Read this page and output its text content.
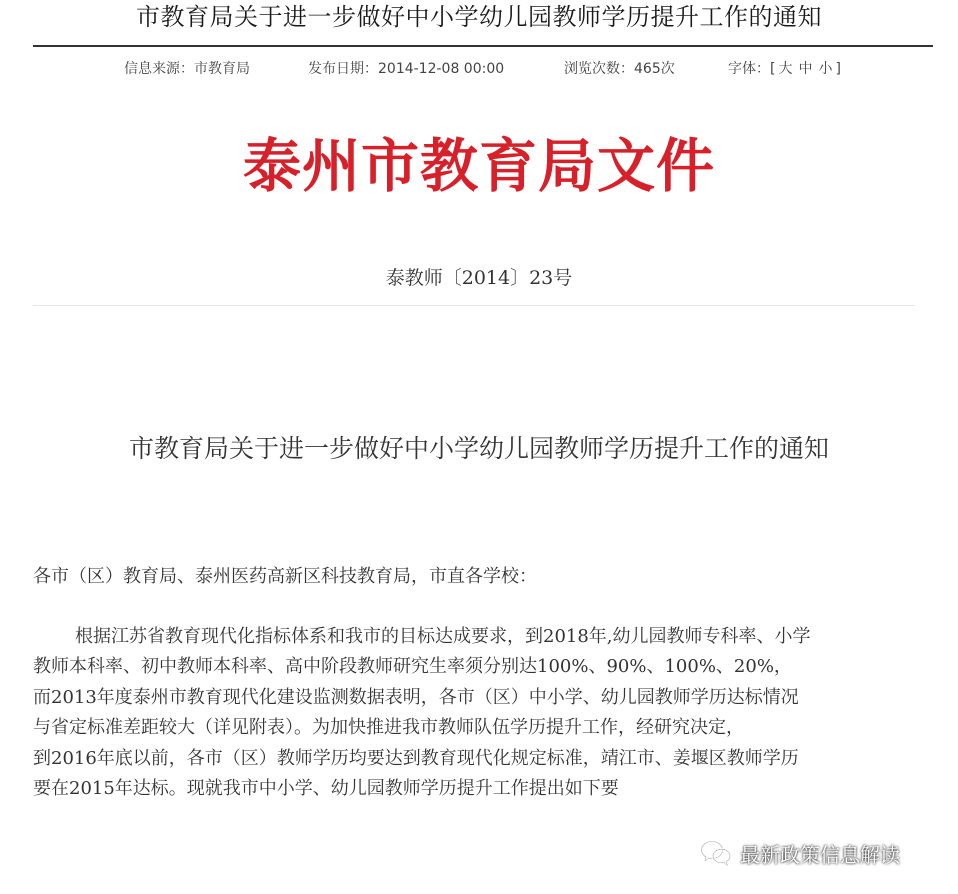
市教育局关于进一步做好中小学幼儿园教师学历提升工作的通知
信息来源：市教育局	发布日期：2014-12-08 00:00	浏览次数：465次	字体：[ 大 中 小 ]
泰州市教育局文件
泰教师〔2014〕23号
市教育局关于进一步做好中小学幼儿园教师学历提升工作的通知
各市（区）教育局、泰州医药高新区科技教育局，市直各学校：
根据江苏省教育现代化指标体系和我市的目标达成要求，到2018年,幼儿园教师专科率、小学
教师本科率、初中教师本科率、高中阶段教师研究生率须分别达100%、90%、100%、20%，
而2013年度泰州市教育现代化建设监测数据表明，各市（区）中小学、幼儿园教师学历达标情况
与省定标准差距较大（详见附表）。为加快推进我市教师队伍学历提升工作，经研究决定，
到2016年底以前，各市（区）教师学历均要达到教育现代化规定标准，靖江市、姜堰区教师学历
要在2015年达标。现就我市中小学、幼儿园教师学历提升工作提出如下要
最新政策信息解读
